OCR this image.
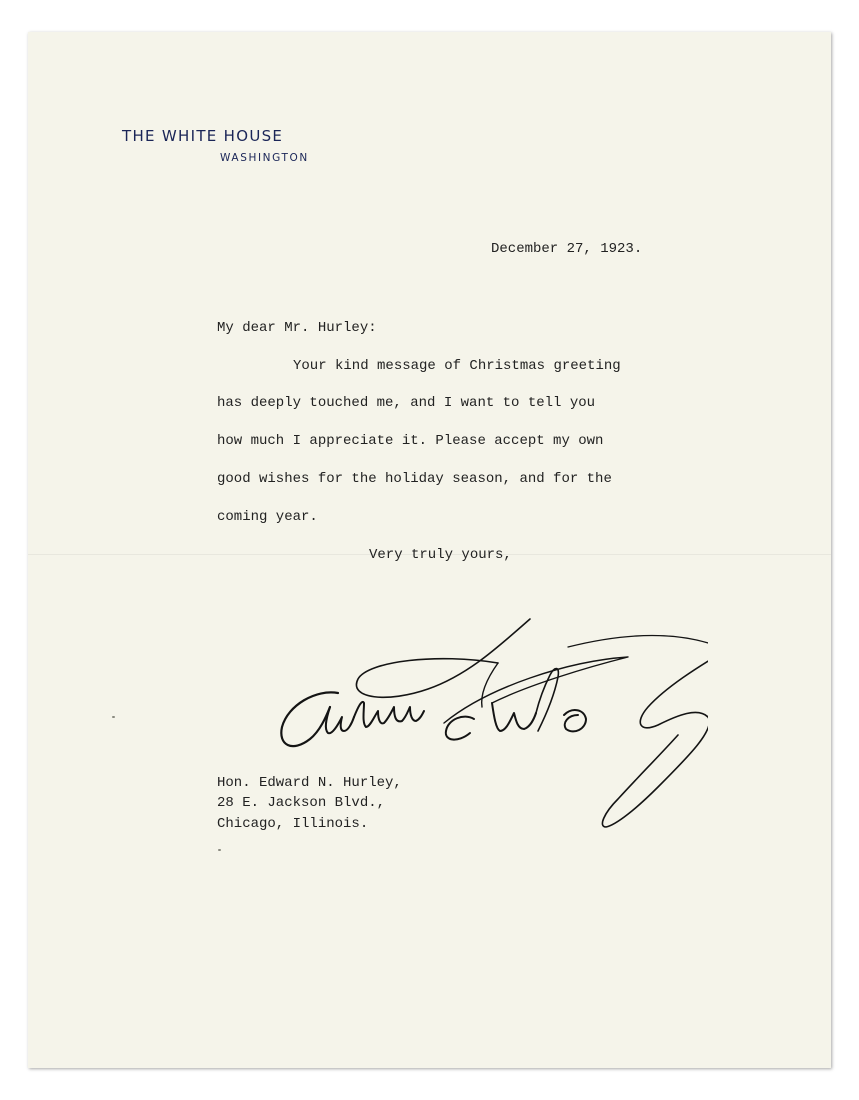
THE WHITE HOUSE
WASHINGTON
December 27, 1923.
My dear Mr. Hurley:
Your kind message of Christmas greeting
has deeply touched me, and I want to tell you
how much I appreciate it. Please accept my own
good wishes for the holiday season, and for the
coming year.
Very truly yours,
Hon. Edward N. Hurley,
28 E. Jackson Blvd.,
Chicago, Illinois.
